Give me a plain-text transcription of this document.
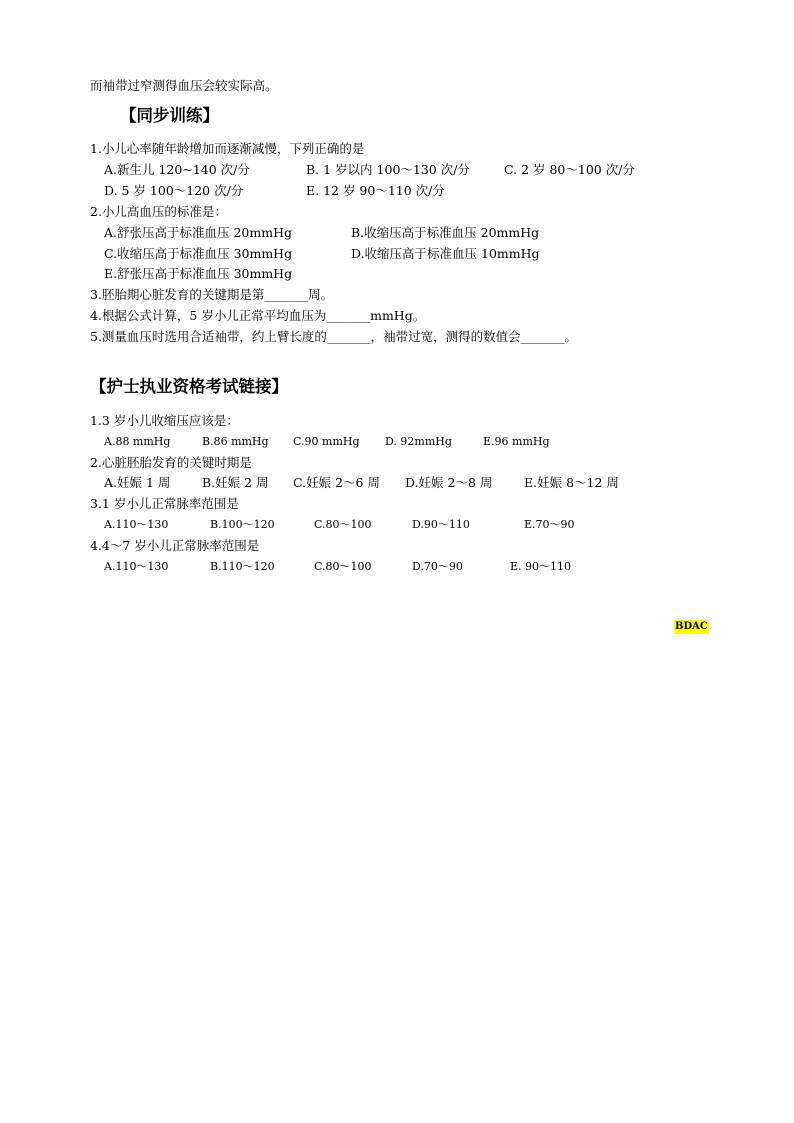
而袖带过窄测得血压会较实际高。
【同步训练】
1.小儿心率随年龄增加而逐渐减慢，下列正确的是
A.新生儿 120~140 次/分	B. 1 岁以内 100～130 次/分	C. 2 岁 80～100 次/分
D. 5 岁 100～120 次/分	E. 12 岁 90～110 次/分
2.小儿高血压的标准是：
A.舒张压高于标准血压 20mmHg	B.收缩压高于标准血压 20mmHg
C.收缩压高于标准血压 30mmHg	D.收缩压高于标准血压 10mmHg
E.舒张压高于标准血压 30mmHg
3.胚胎期心脏发育的关键期是第_______周。
4.根据公式计算，5 岁小儿正常平均血压为_______mmHg。
5.测量血压时选用合适袖带，约上臂长度的_______，袖带过宽，测得的数值会_______。
【护士执业资格考试链接】
1.3 岁小儿收缩压应该是：
A.88 mmHg	B.86 mmHg C.90 mmHg D. 92mmHg	E.96 mmHg
2.心脏胚胎发育的关键时期是
A.妊娠 1 周	B.妊娠 2 周 C.妊娠 2～6 周 D.妊娠 2～8 周	E.妊娠 8～12 周
3.1 岁小儿正常脉率范围是
A.110～130	B.100～120	C.80～100	D.90～110	E.70～90
4.4～7 岁小儿正常脉率范围是
A.110～130	B.110～120	C.80～100	D.70～90	E. 90～110
BDAC
